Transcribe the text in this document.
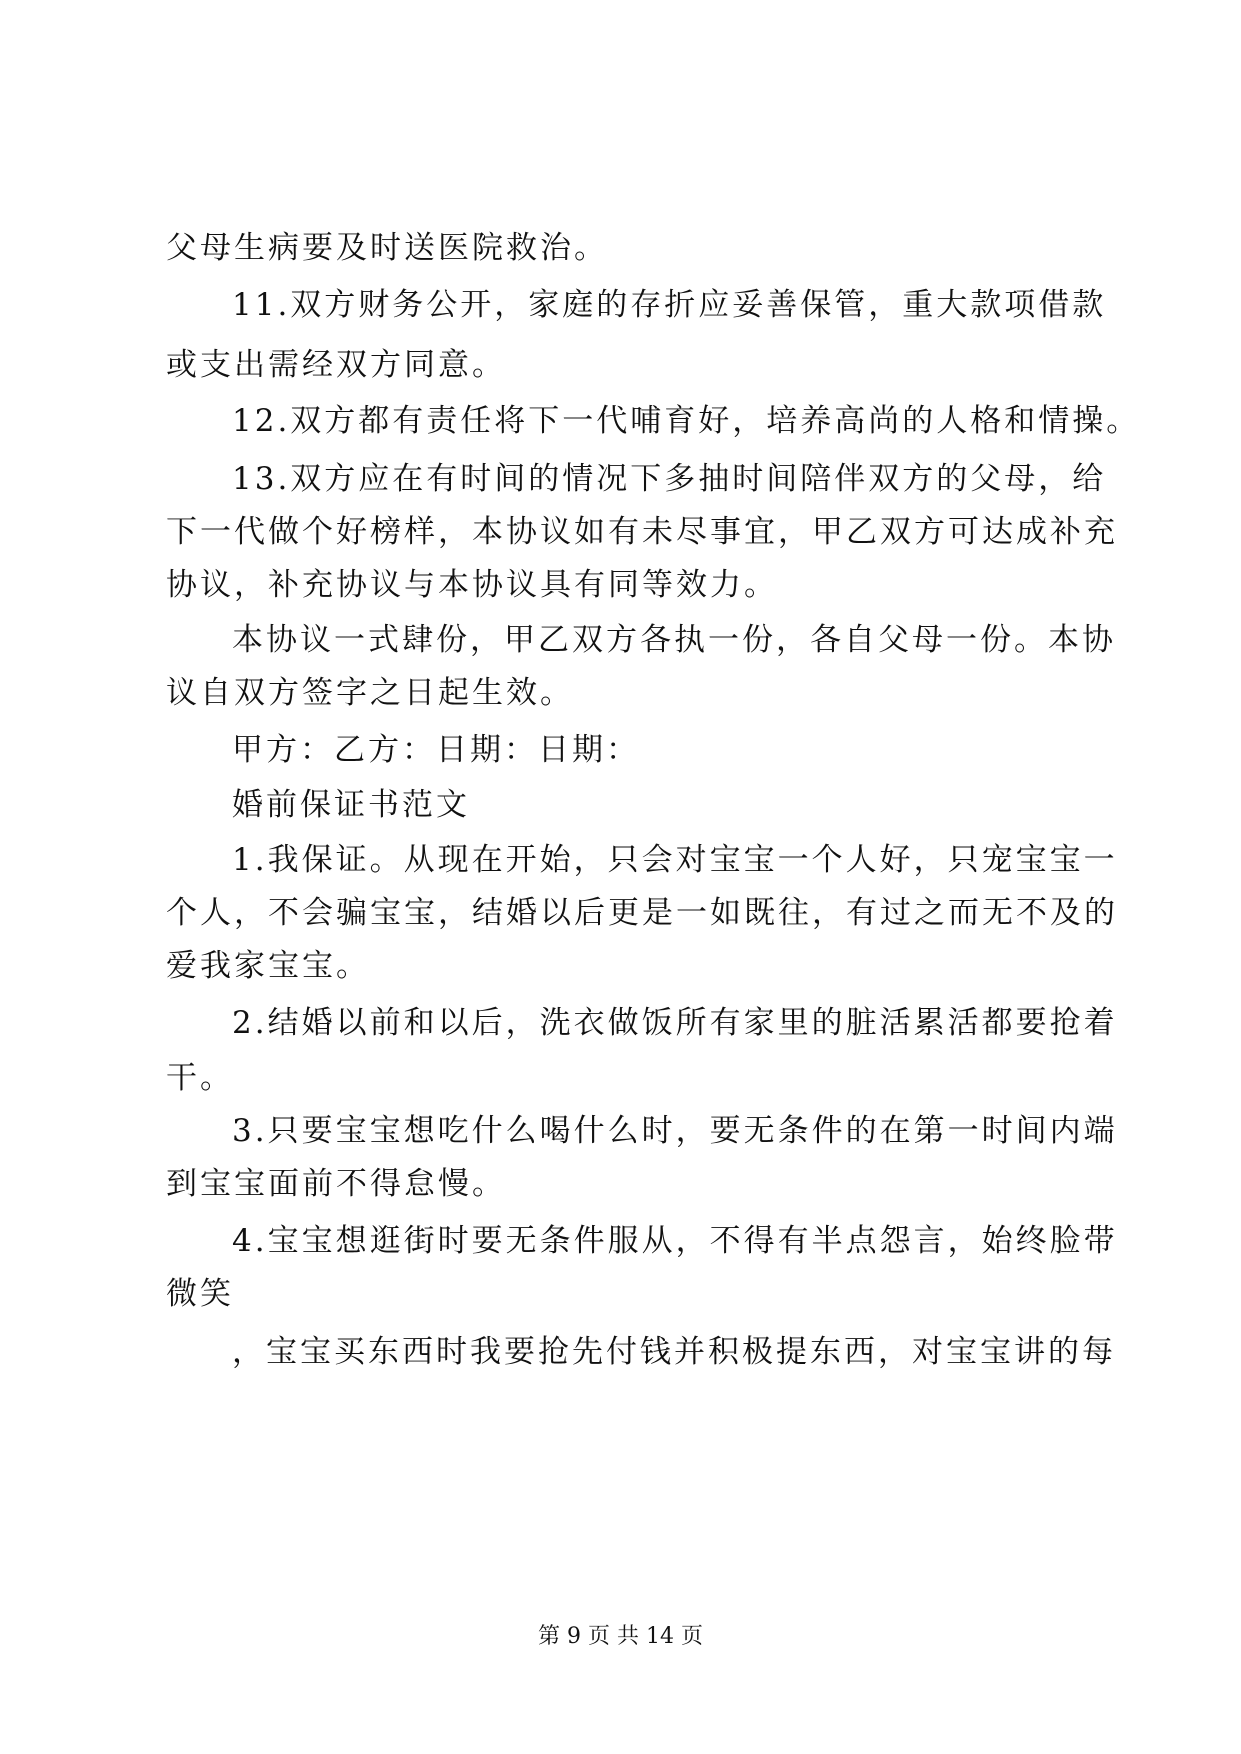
父母生病要及时送医院救治。
11.双方财务公开，家庭的存折应妥善保管，重大款项借款
或支出需经双方同意。
12.双方都有责任将下一代哺育好，培养高尚的人格和情操。
13.双方应在有时间的情况下多抽时间陪伴双方的父母，给
下一代做个好榜样，本协议如有未尽事宜，甲乙双方可达成补充
协议，补充协议与本协议具有同等效力。
本协议一式肆份，甲乙双方各执一份，各自父母一份。本协
议自双方签字之日起生效。
甲方：乙方：日期：日期：
婚前保证书范文
1.我保证。从现在开始，只会对宝宝一个人好，只宠宝宝一
个人，不会骗宝宝，结婚以后更是一如既往，有过之而无不及的
爱我家宝宝。
2.结婚以前和以后，洗衣做饭所有家里的脏活累活都要抢着
干。
3.只要宝宝想吃什么喝什么时，要无条件的在第一时间内端
到宝宝面前不得怠慢。
4.宝宝想逛街时要无条件服从，不得有半点怨言，始终脸带
微笑
，宝宝买东西时我要抢先付钱并积极提东西，对宝宝讲的每
第 9 页 共 14 页
